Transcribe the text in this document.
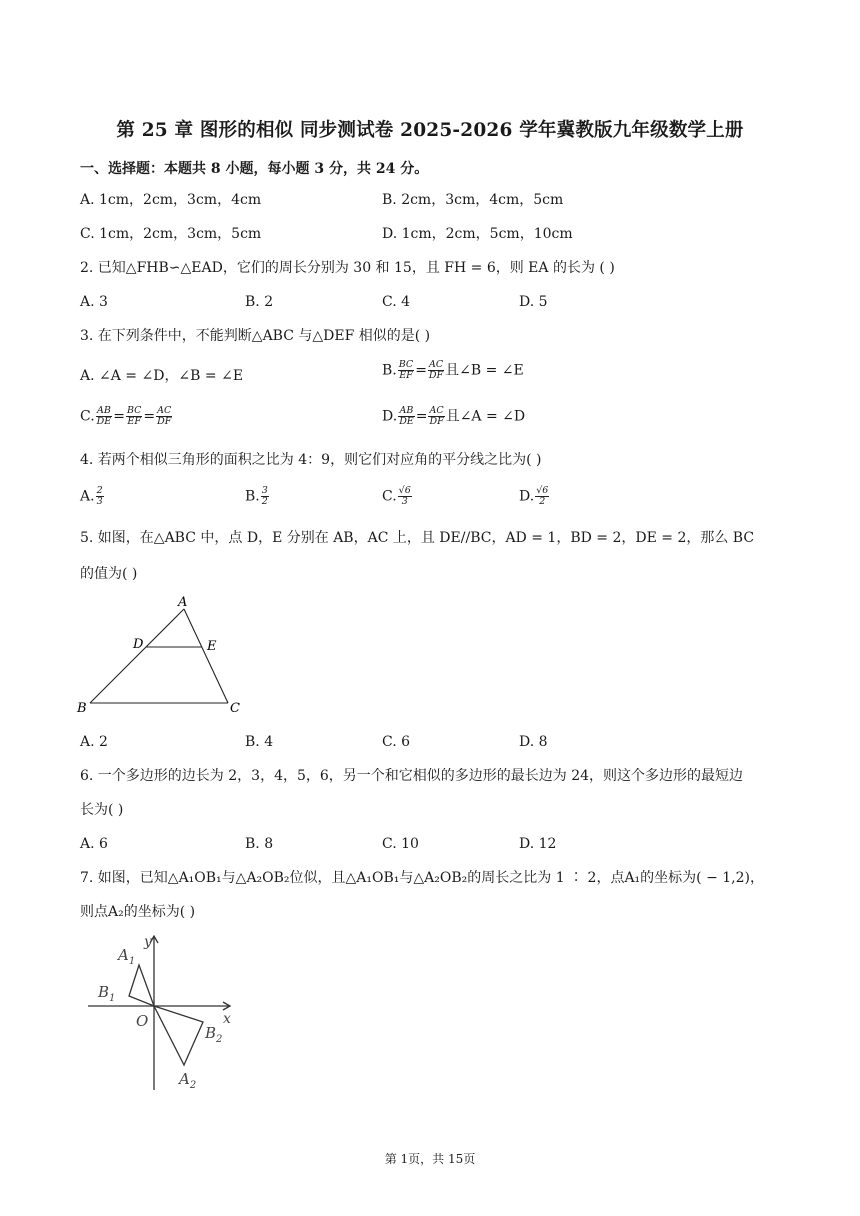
第 25 章 图形的相似 同步测试卷 2025-2026 学年冀教版九年级数学上册
一、选择题：本题共 8 小题，每小题 3 分，共 24 分。
A. 1cm，2cm，3cm，4cm	B. 2cm，3cm，4cm，5cm
C. 1cm，2cm，3cm，5cm	D. 1cm，2cm，5cm，10cm
2. 已知△FHB∽△EAD，它们的周长分别为 30 和 15，且 FH = 6，则 EA 的长为 ( )
A. 3	B. 2	C. 4	D. 5
3. 在下列条件中，不能判断△ABC 与△DEF 相似的是( )
A. ∠A = ∠D，∠B = ∠E	B. $\frac{BC}{EF} = \frac{AC}{DF}$ 且∠B = ∠E
C. $\frac{AB}{DE} = \frac{BC}{EF} = \frac{AC}{DF}$	D. $\frac{AB}{DE} = \frac{AC}{DF}$ 且∠A = ∠D
4. 若两个相似三角形的面积之比为 4：9，则它们对应角的平分线之比为( )
A. $\frac{2}{3}$	B. $\frac{3}{2}$	C. $\frac{√6}{3}$	D. $\frac{√6}{2}$
5. 如图，在△ABC 中，点 D，E 分别在 AB，AC 上，且 DE//BC，AD = 1，BD = 2，DE = 2，那么 BC
的值为( )
A
D	E
B	C
A. 2	B. 4	C. 6	D. 8
6. 一个多边形的边长为 2，3，4，5，6，另一个和它相似的多边形的最长边为 24，则这个多边形的最短边
长为( )
A. 6	B. 8	C. 10	D. 12
7. 如图，已知△A₁OB₁与△A₂OB₂位似，且△A₁OB₁与△A₂OB₂的周长之比为 1 ∶ 2，点A₁的坐标为( − 1,2)，
则点A₂的坐标为( )
y
x
O
$A_1$
$B_1$
$B_2$
$A_2$
第 1页，共 15页
